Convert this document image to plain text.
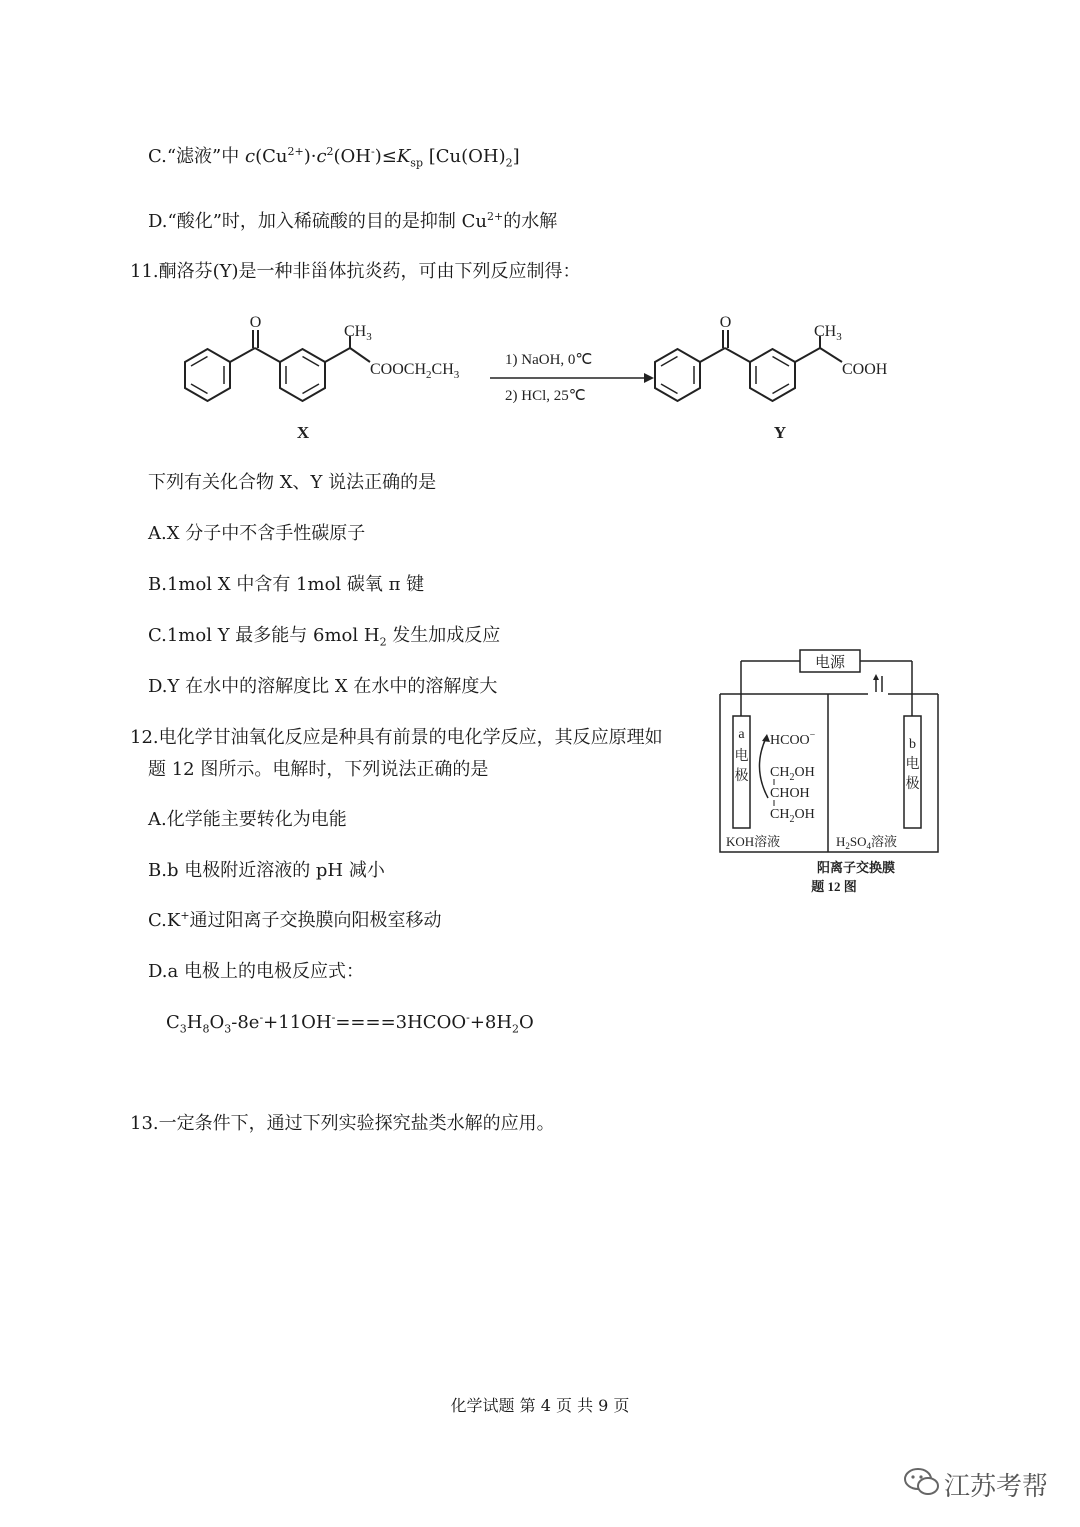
C.“滤液”中 $c(Cu^{2+})\cdot c^2(OH^-)\le K_{sp}$ $[Cu(OH)_2]$
D.“酸化”时，加入稀硫酸的目的是抑制 $Cu^{2+}$的水解
11.酮洛芬(Y)是一种非甾体抗炎药，可由下列反应制得：
O
$CH_3$
$COOCH_2CH_3$
X
1) NaOH, 0℃
2) HCl, 25℃
O
$CH_3$
COOH
Y
下列有关化合物 X、Y 说法正确的是
A.X 分子中不含手性碳原子
B.1mol X 中含有 1mol 碳氧 π 键
C.1mol Y 最多能与 6mol $H_2$ 发生加成反应
D.Y 在水中的溶解度比 X 在水中的溶解度大
12.电化学甘油氧化反应是种具有前景的电化学反应，其反应原理如
题 12 图所示。电解时，下列说法正确的是
A.化学能主要转化为电能
B.b 电极附近溶液的 pH 减小
C.K+通过阳离子交换膜向阳极室移动
D.a 电极上的电极反应式：
$C_3H_8O_3-8e^-+11OH^-====3HCOO^-+8H_2O$
电源
a
电
极
b
电
极
HCOO−
$CH_2OH$
CHOH
$CH_2OH$
KOH溶液	$H_2SO_4$溶液
阳离子交换膜
题 12 图
13.一定条件下，通过下列实验探究盐类水解的应用。
化学试题 第 4 页 共 9 页
江苏考帮
